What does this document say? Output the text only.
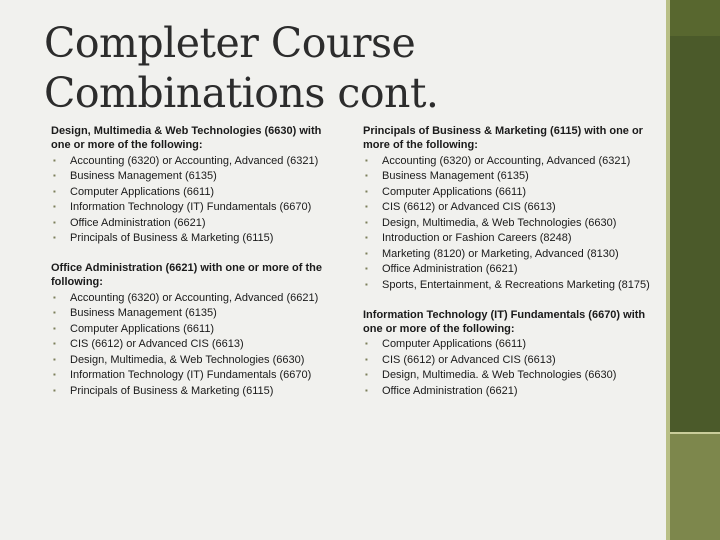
Completer Course
Combinations cont.
Design, Multimedia & Web Technologies (6630) with one or more of the following:
▪ Accounting (6320) or Accounting, Advanced (6321)
▪ Business Management (6135)
▪ Computer Applications (6611)
▪ Information Technology (IT) Fundamentals (6670)
▪ Office Administration (6621)
▪ Principals of Business & Marketing (6115)
Office Administration (6621) with one or more of the following:
▪ Accounting (6320) or Accounting, Advanced (6621)
▪ Business Management (6135)
▪ Computer Applications (6611)
▪ CIS (6612) or Advanced CIS (6613)
▪ Design, Multimedia, & Web Technologies (6630)
▪ Information Technology (IT) Fundamentals (6670)
▪ Principals of Business & Marketing (6115)
Principals of Business & Marketing (6115) with one or more of the following:
▪ Accounting (6320) or Accounting, Advanced (6321)
▪ Business Management (6135)
▪ Computer Applications (6611)
▪ CIS (6612) or Advanced CIS (6613)
▪ Design, Multimedia, & Web Technologies (6630)
▪ Introduction or Fashion Careers (8248)
▪ Marketing (8120) or Marketing, Advanced (8130)
▪ Office Administration (6621)
▪ Sports, Entertainment, & Recreations Marketing (8175)
Information Technology (IT) Fundamentals (6670) with one or more of the following:
▪ Computer Applications (6611)
▪ CIS (6612) or Advanced CIS (6613)
▪ Design, Multimedia. & Web Technologies (6630)
▪ Office Administration (6621)
